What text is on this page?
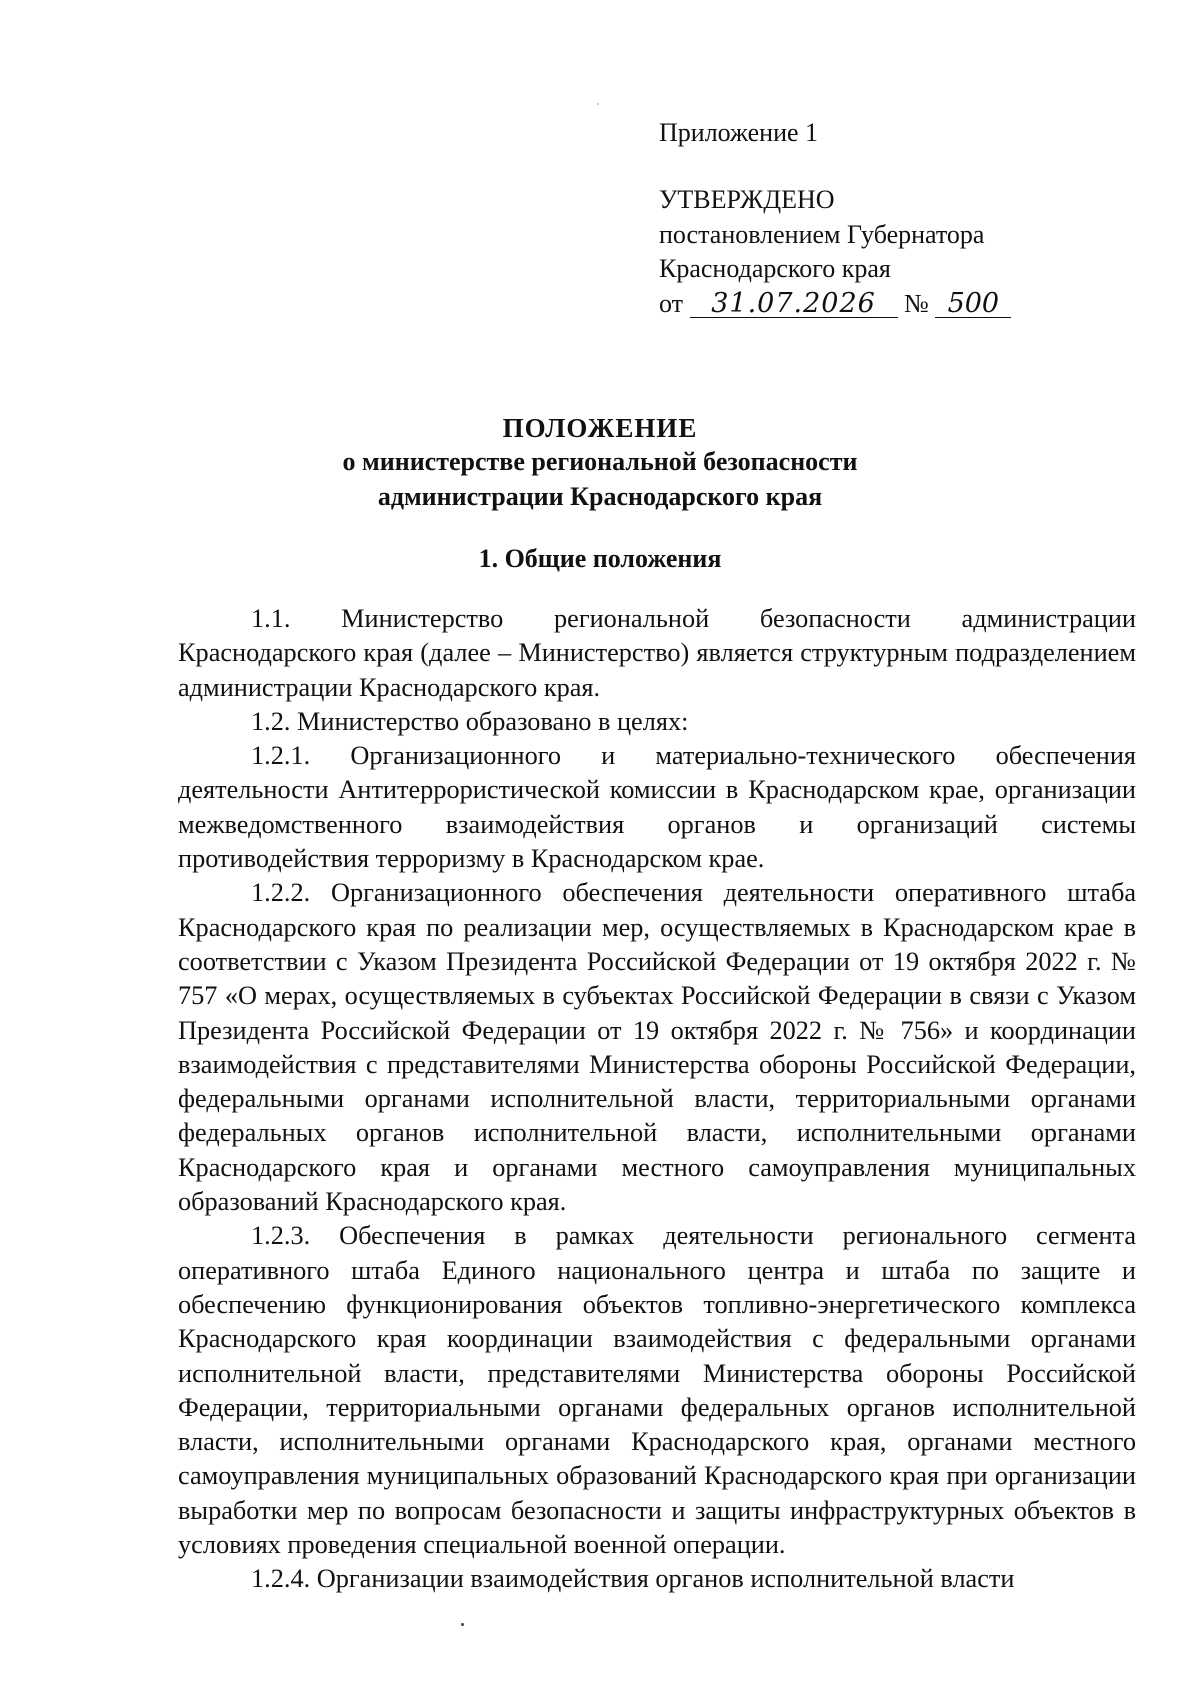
Приложение 1
УТВЕРЖДЕНО
постановлением Губернатора
Краснодарского края
от 31.07.2026 № 500
ПОЛОЖЕНИЕ
о министерстве региональной безопасности
администрации Краснодарского края
1. Общие положения

1.1. Министерство региональной безопасности администрации Краснодарского края (далее – Министерство) является структурным подразделением администрации Краснодарского края.

1.2. Министерство образовано в целях:

1.2.1. Организационного и материально-технического обеспечения деятельности Антитеррористической комиссии в Краснодарском крае, организации межведомственного взаимодействия органов и организаций системы противодействия терроризму в Краснодарском крае.

1.2.2. Организационного обеспечения деятельности оперативного штаба Краснодарского края по реализации мер, осуществляемых в Краснодарском крае в соответствии с Указом Президента Российской Федерации от 19 октября 2022 г. № 757 «О мерах, осуществляемых в субъектах Российской Федерации в связи с Указом Президента Российской Федерации от 19 октября 2022 г. № 756» и координации взаимодействия с представителями Министерства обороны Российской Федерации, федеральными органами исполнительной власти, территориальными органами федеральных органов исполнительной власти, исполнительными органами Краснодарского края и органами местного самоуправления муниципальных образований Краснодарского края.

1.2.3. Обеспечения в рамках деятельности регионального сегмента оперативного штаба Единого национального центра и штаба по защите и обеспечению функционирования объектов топливно-энергетического комплекса Краснодарского края координации взаимодействия с федеральными органами исполнительной власти, представителями Министерства обороны Российской Федерации, территориальными органами федеральных органов исполнительной власти, исполнительными органами Краснодарского края, органами местного самоуправления муниципальных образований Краснодарского края при организации выработки мер по вопросам безопасности и защиты инфраструктурных объектов в условиях проведения специальной военной операции.

1.2.4. Организации взаимодействия органов исполнительной власти
